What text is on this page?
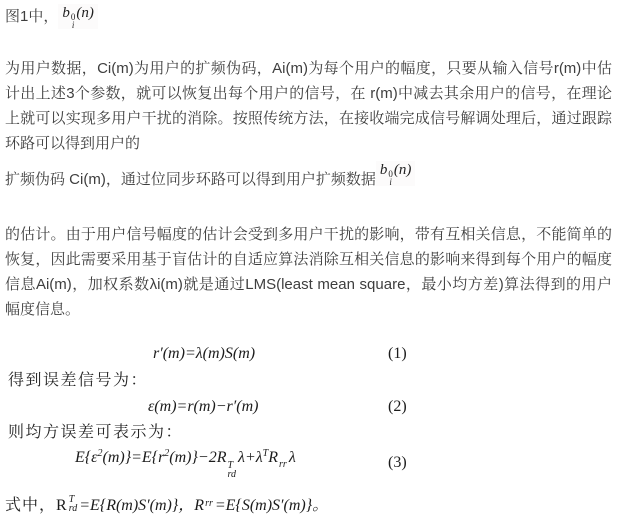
图1中， b 0
i
(n)

为用户数据，Ci(m)为用户的扩频伪码，Ai(m)为每个用户的幅度，只要从输入信号r(m)中估计出上述3个参数，就可以恢复出每个用户的信号，在 r(m)中减去其余用户的信号，在理论上就可以实现多用户干扰的消除。按照传统方法，在接收端完成信号解调处理后，通过跟踪环路可以得到用户的

扩频伪码 Ci(m)，通过位同步环路可以得到用户扩频数据
b 0
i
(n)

的估计。由于用户信号幅度的估计会受到多用户干扰的影响，带有互相关信息，不能简单的恢复，因此需要采用基于盲估计的自适应算法消除互相关信息的影响来得到每个用户的幅度信息Ai(m)，加权系数λi(m)就是通过LMS(least mean square，最小均方差)算法得到的用户幅度信息。

r′(m)=λ(m)S(m)	(1)
得到误差信号为：
ε(m)=r(m)−r′(m)	(2)
则均方误差可表示为：
$E\{\varepsilon^2(m)\}=E\{r^2(m)\}-2R$ T
rd
$\lambda+\lambda^TR_{rr}$ λ	(3)
式中，R T
rd =E{R(m)S′(m)}，R rr =E{S(m)S′(m)}。
